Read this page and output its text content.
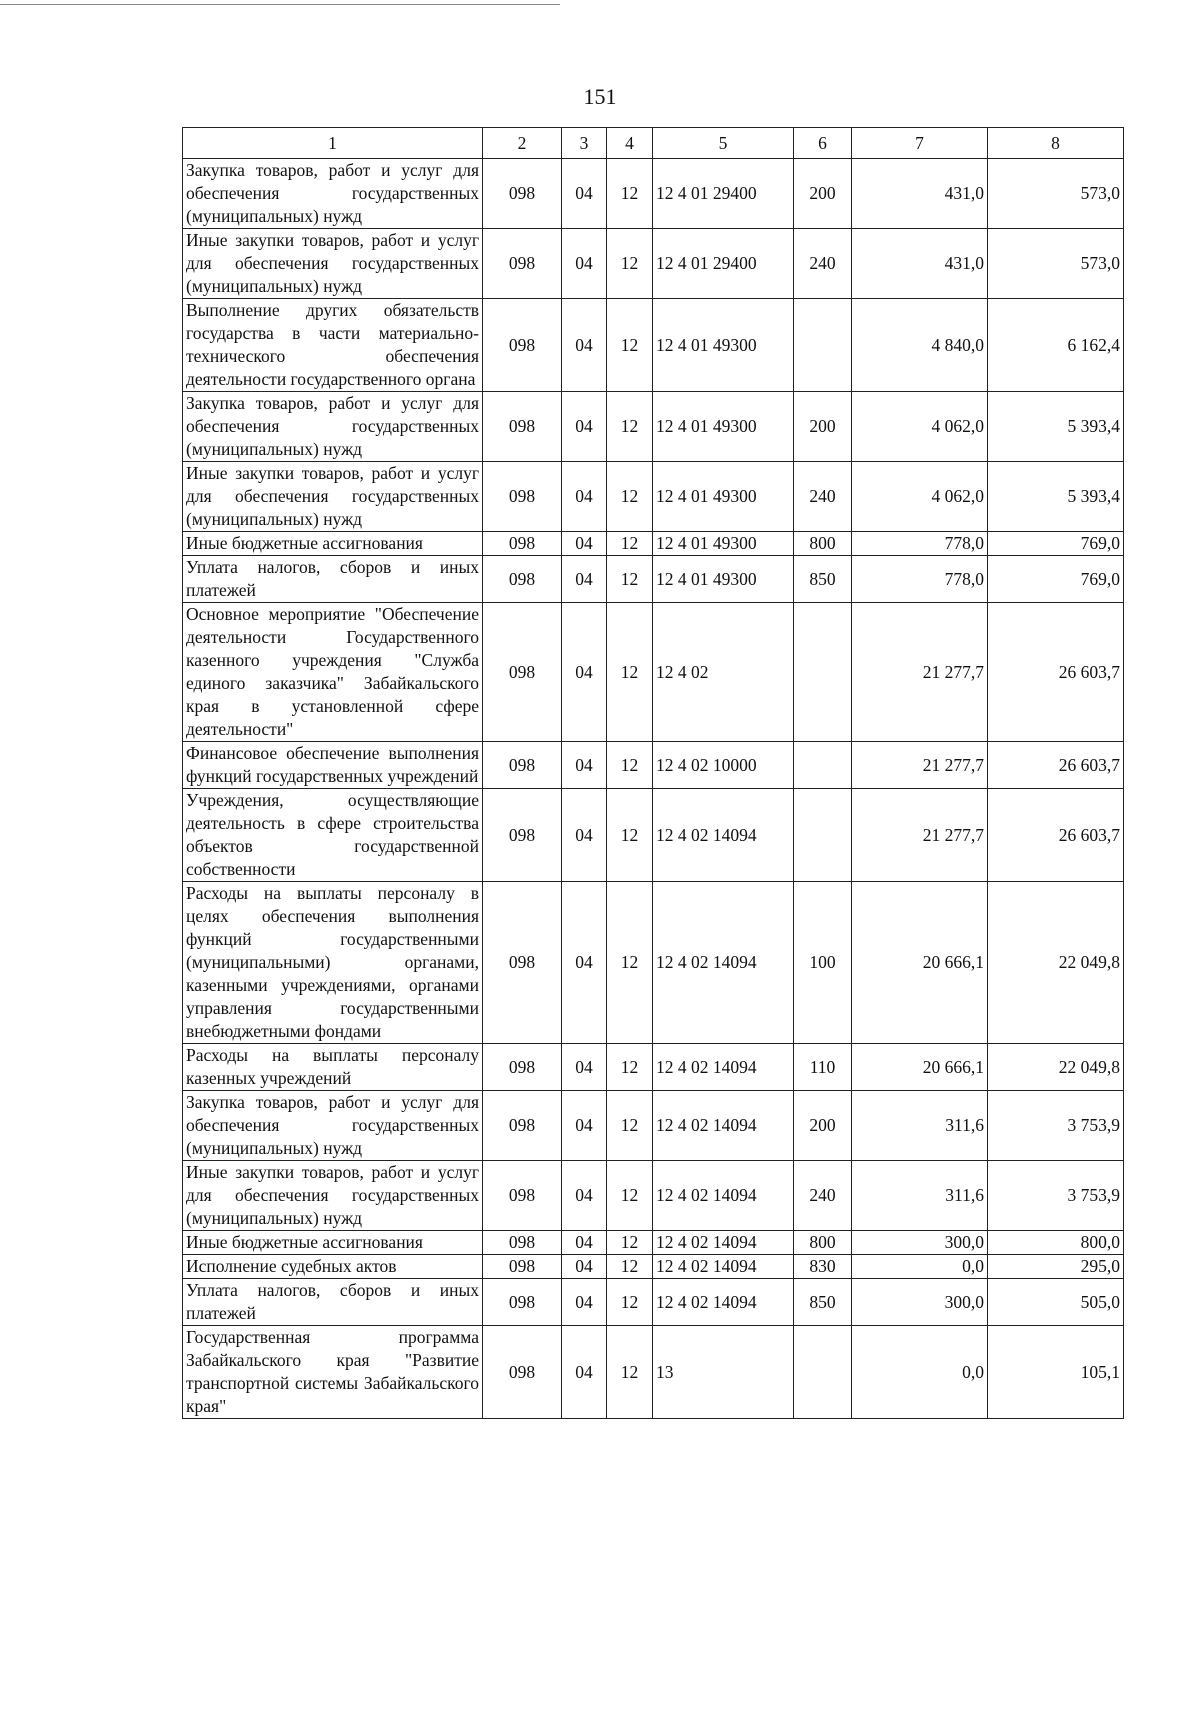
151
1	2	3	4	5	6	7	8
Закупка товаров, работ и услуг для обеспечения государственных (муниципальных) нужд	098	04	12	12 4 01 29400	200	431,0	573,0
Иные закупки товаров, работ и услуг для обеспечения государственных (муниципальных) нужд	098	04	12	12 4 01 29400	240	431,0	573,0
Выполнение других обязательств государства в части материально-технического обеспечения деятельности государственного органа	098	04	12	12 4 01 49300		4 840,0	6 162,4
Закупка товаров, работ и услуг для обеспечения государственных (муниципальных) нужд	098	04	12	12 4 01 49300	200	4 062,0	5 393,4
Иные закупки товаров, работ и услуг для обеспечения государственных (муниципальных) нужд	098	04	12	12 4 01 49300	240	4 062,0	5 393,4
Иные бюджетные ассигнования	098	04	12	12 4 01 49300	800	778,0	769,0
Уплата налогов, сборов и иных платежей	098	04	12	12 4 01 49300	850	778,0	769,0
Основное мероприятие "Обеспечение деятельности Государственного казенного учреждения "Служба единого заказчика" Забайкальского края в установленной сфере деятельности"	098	04	12	12 4 02		21 277,7	26 603,7
Финансовое обеспечение выполнения функций государственных учреждений	098	04	12	12 4 02 10000		21 277,7	26 603,7
Учреждения, осуществляющие деятельность в сфере строительства объектов государственной собственности	098	04	12	12 4 02 14094		21 277,7	26 603,7
Расходы на выплаты персоналу в целях обеспечения выполнения функций государственными (муниципальными) органами, казенными учреждениями, органами управления государственными внебюджетными фондами	098	04	12	12 4 02 14094	100	20 666,1	22 049,8
Расходы на выплаты персоналу казенных учреждений	098	04	12	12 4 02 14094	110	20 666,1	22 049,8
Закупка товаров, работ и услуг для обеспечения государственных (муниципальных) нужд	098	04	12	12 4 02 14094	200	311,6	3 753,9
Иные закупки товаров, работ и услуг для обеспечения государственных (муниципальных) нужд	098	04	12	12 4 02 14094	240	311,6	3 753,9
Иные бюджетные ассигнования	098	04	12	12 4 02 14094	800	300,0	800,0
Исполнение судебных актов	098	04	12	12 4 02 14094	830	0,0	295,0
Уплата налогов, сборов и иных платежей	098	04	12	12 4 02 14094	850	300,0	505,0
Государственная программа Забайкальского края "Развитие транспортной системы Забайкальского края"	098	04	12	13		0,0	105,1
